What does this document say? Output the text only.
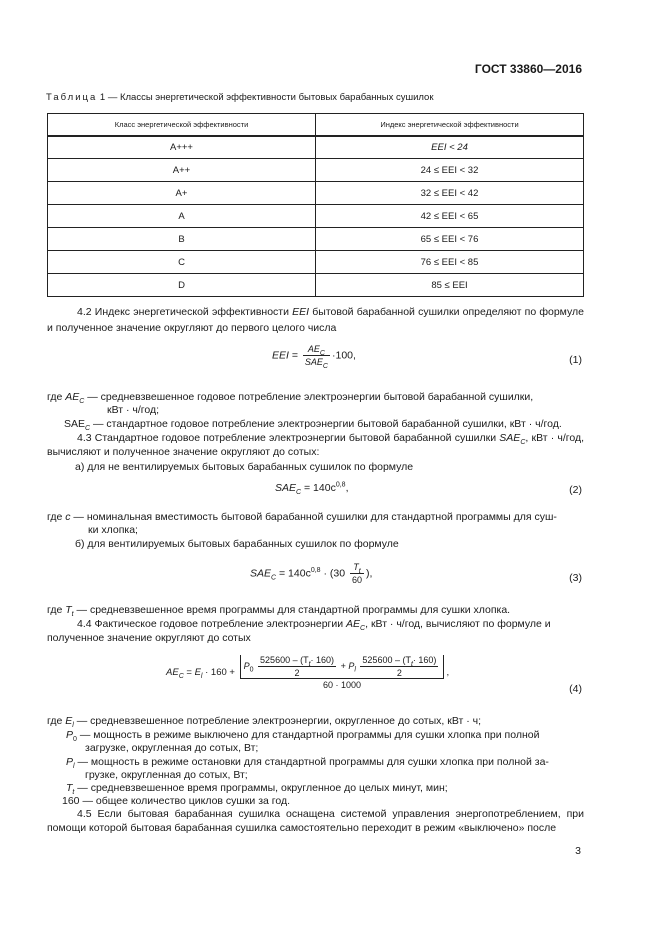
ГОСТ 33860—2016
Таблица 1 — Классы энергетической эффективности бытовых барабанных сушилок
Класс энергетической эффективности	Индекс энергетической эффективности
A+++	EEI < 24
A++	24 ≤ EEI < 32
A+	32 ≤ EEI < 42
A	42 ≤ EEI < 65
B	65 ≤ EEI < 76
C	76 ≤ EEI < 85
D	85 ≤ EEI
4.2 Индекс энергетической эффективности EEI бытовой барабанной сушилки определяют по формуле и полученное значение округляют до первого целого числа
EEI = $\frac{AE_C}{SAE_C} \cdot 100$,	(1)
где $AE_C$ — средневзвешенное годовое потребление электроэнергии бытовой барабанной сушилки,
кВт · ч/год;
$SAE_C$ — стандартное годовое потребление электроэнергии бытовой барабанной сушилки, кВт · ч/год.
4.3 Стандартное годовое потребление электроэнергии бытовой барабанной сушилки $SAE_C$, кВт · ч/год, вычисляют и полученное значение округляют до сотых:
а) для не вентилируемых бытовых барабанных сушилок по формуле
$SAE_C = 140c^{0,8}$,	(2)
где c — номинальная вместимость бытовой барабанной сушилки для стандартной программы для суш-
ки хлопка;
б) для вентилируемых бытовых барабанных сушилок по формуле
$SAE_C = 140c^{0,8} \cdot (30 \frac{T_t}{60}$ ),	(3)
где $T_t$ — средневзвешенное время программы для стандартной программы для сушки хлопка.
4.4 Фактическое годовое потребление электроэнергии $AE_C$, кВт · ч/год, вычисляют по формуле и
полученное значение округляют до сотых
$AE_C = E_l \cdot 160$ +
$P_0 \frac{525600 - (T_t\cdot 160)}{2} + P_l \frac{525600 - (T_t\cdot 160)}{2}$
60 · 1000
,
(4)
где $E_l$ — средневзвешенное потребление электроэнергии, округленное до сотых, кВт · ч;
$P_0$ — мощность в режиме выключено для стандартной программы для сушки хлопка при полной
загрузке, округленная до сотых, Вт;
$P_l$ — мощность в режиме остановки для стандартной программы для сушки хлопка при полной за-
грузке, округленная до сотых, Вт;
$T_t$ — средневзвешенное время программы, округленное до целых минут, мин;
160 — общее количество циклов сушки за год.
4.5 Если бытовая барабанная сушилка оснащена системой управления энергопотреблением, при помощи которой бытовая барабанная сушилка самостоятельно переходит в режим «выключено» после
3
